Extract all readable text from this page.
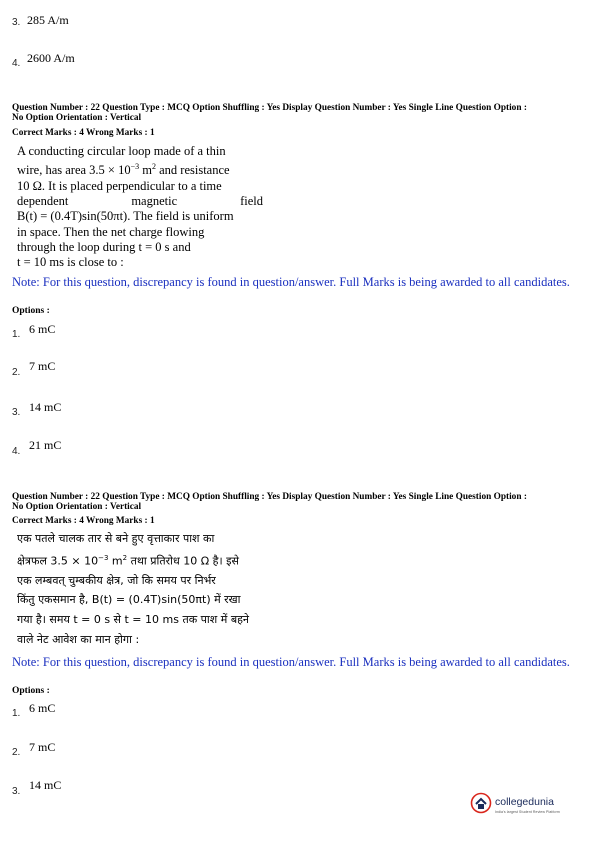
3. 285 A/m
4. 2600 A/m
Question Number : 22 Question Type : MCQ Option Shuffling : Yes Display Question Number : Yes Single Line Question Option :
No Option Orientation : Vertical
Correct Marks : 4 Wrong Marks : 1
A conducting circular loop made of a thin
wire, has area $3.5 \times 10^{-3}$ $m^2$ and resistance
10 Ω. It is placed perpendicular to a time
dependent	magnetic	field
B(t) = (0.4T)sin(50πt). The field is uniform
in space. Then the net charge flowing
through the loop during t = 0 s and
t = 10 ms is close to :
Note: For this question, discrepancy is found in question/answer. Full Marks is being awarded to all candidates.
Options :
1. 6 mC
2. 7 mC
3. 14 mC
4. 21 mC
Question Number : 22 Question Type : MCQ Option Shuffling : Yes Display Question Number : Yes Single Line Question Option :
No Option Orientation : Vertical
Correct Marks : 4 Wrong Marks : 1
एक पतले चालक तार से बने हुए वृत्ताकार पाश का
क्षेत्रफल $3.5 \times 10^{-3}$ $m^2$ तथा प्रतिरोध 10 Ω है। इसे
एक लम्बवत् चुम्बकीय क्षेत्र, जो कि समय पर निर्भर
किंतु एकसमान है, B(t) = (0.4T)sin(50πt) में रखा
गया है। समय t = 0 s से t = 10 ms तक पाश में बहने
वाले नेट आवेश का मान होगा :
Note: For this question, discrepancy is found in question/answer. Full Marks is being awarded to all candidates.
Options :
1. 6 mC
2. 7 mC
3. 14 mC
collegedunia
India's largest Student Review Platform
